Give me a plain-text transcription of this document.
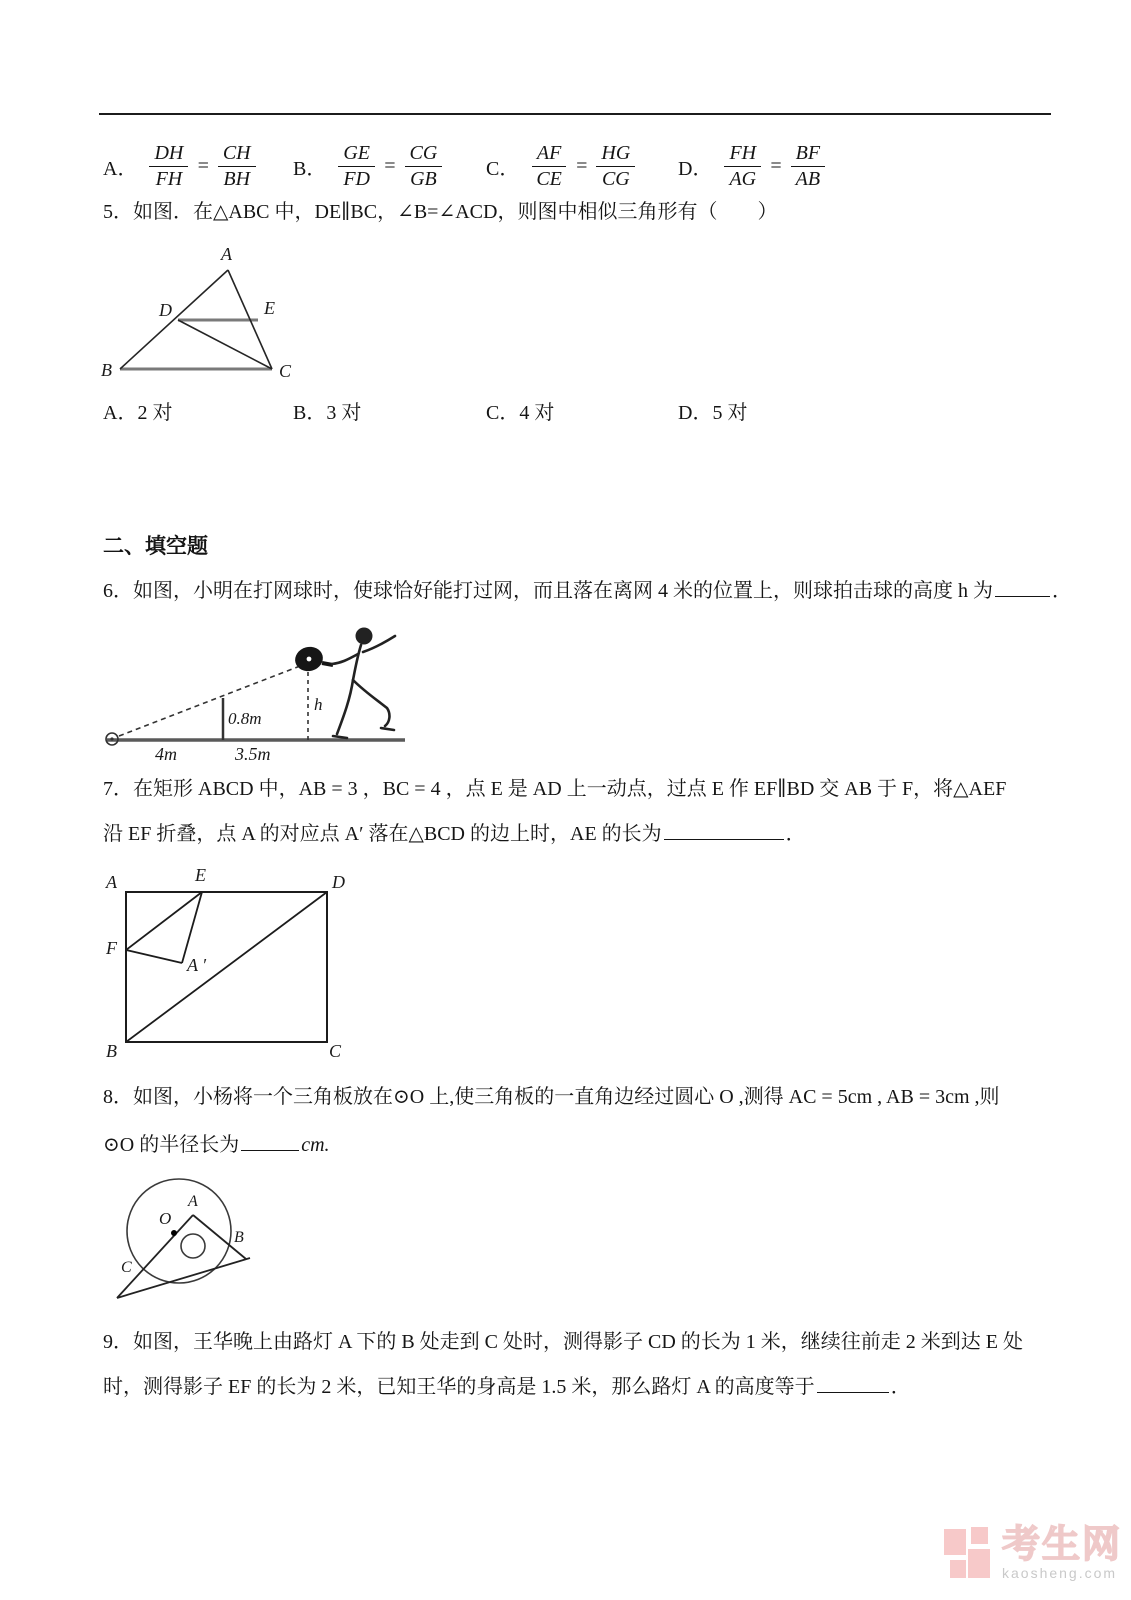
A． $\frac{DH}{FH} = \frac{CH}{BH}$ B． $\frac{GE}{FD} = \frac{CG}{GB}$ C． $\frac{AF}{CE} = \frac{HG}{CG}$ D． $\frac{FH}{AG} = \frac{BF}{AB}$
5．如图．在△ABC 中，DE∥BC，∠B=∠ACD，则图中相似三角形有（　　）
A
D	E
B	C
A．2 对	B．3 对	C．4 对	D．5 对
二、填空题
6．如图，小明在打网球时，使球恰好能打过网，而且落在离网 4 米的位置上，则球拍击球的高度 h 为	．
0.8m
h
4m	3.5m
7．在矩形 ABCD 中，AB = 3 ，BC = 4 ，点 E 是 AD 上一动点，过点 E 作 EF∥BD 交 AB 于 F，将△AEF
沿 EF 折叠，点 A 的对应点 A′ 落在△BCD 的边上时，AE 的长为	．
A	E	D
F
A ′
B	C
8．如图，小杨将一个三角板放在⊙O 上,使三角板的一直角边经过圆心 O ,测得 AC = 5cm , AB = 3cm ,则
⊙O 的半径长为	cm.
O
A
B
C
9．如图，王华晚上由路灯 A 下的 B 处走到 C 处时，测得影子 CD 的长为 1 米，继续往前走 2 米到达 E 处
时，测得影子 EF 的长为 2 米，已知王华的身高是 1.5 米，那么路灯 A 的高度等于	．
考生网
kaosheng.com
